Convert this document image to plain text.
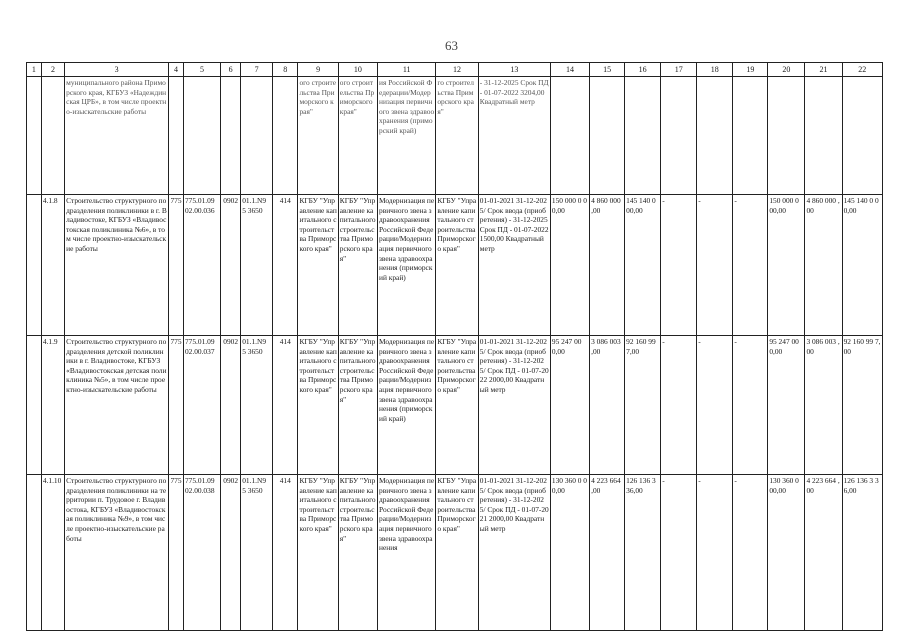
63
1	2	3	4	5	6	7	8	9	10	11	12	13	14	15	16	17	18	19	20	21	22
		муниципального района Приморского края, КГБУЗ «Надеждинская ЦРБ», в том числе проектно-изыскательские работы						ого строительства Приморского края"	ого строительства Приморского края"	ия Российской Федерации/Модернизация первичного звена здравоохранения (приморский край)	го строительства Приморского края"	- 31-12-2025 Срок ПД - 01-07-2022 3204,00 Квадратный метр									
	4.1.8	Строительство структурного подразделения поликлиники в г. Владивостоке, КГБУЗ «Владивостокская поликлиника №6», в том числе проектно-изыскательские работы	775	775.01.09 02.00.036	0902	01.1.N9 5 3650	414	КГБУ "Управление капитального строительства Приморского края"	КГБУ "Управление капитального строительства Приморского края"	Модернизация первичного звена здравоохранения Российской Федерации/Модернизация первичного звена здравоохранения (приморский край)	КГБУ "Управление капитального строительства Приморского края"	01-01-2021 31-12-2025/ Срок ввода (приобретения) - 31-12-2025 Срок ПД - 01-07-2022 1500,00 Квадратный метр	150 000 0 00,00	4 860 000 ,00	145 140 0 00,00	-	-	-	150 000 0 00,00	4 860 000 ,00	145 140 0 00,00
	4.1.9	Строительство структурного подразделения детской поликлиники в г. Владивостоке, КГБУЗ «Владивостокская детская поликлиника №5», в том числе проектно-изыскательские работы	775	775.01.09 02.00.037	0902	01.1.N9 5 3650	414	КГБУ "Управление капитального строительства Приморского края"	КГБУ "Управление капитального строительства Приморского края"	Модернизация первичного звена здравоохранения Российской Федерации/Модернизация первичного звена здравоохранения (приморский край)	КГБУ "Управление капитального строительства Приморского края"	01-01-2021 31-12-2025/ Срок ввода (приобретения) - 31-12-2025/ Срок ПД - 01-07-2022 2000,00 Квадратный метр	95 247 00 0,00	3 086 003 ,00	92 160 99 7,00	-	-	-	95 247 00 0,00	3 086 003 ,00	92 160 99 7,00
	4.1.10	Строительство структурного подразделения поликлиники на территории п. Трудовое г. Владивостока, КГБУЗ «Владивостокская поликлиника №9», в том числе проектно-изыскательские работы	775	775.01.09 02.00.038	0902	01.1.N9 5 3650	414	КГБУ "Управление капитального строительства Приморского края"	КГБУ "Управление капитального строительства Приморского края"	Модернизация первичного звена здравоохранения Российской Федерации/Модернизация первичного звена здравоохранения	КГБУ "Управление капитального строительства Приморского края"	01-01-2021 31-12-2025/ Срок ввода (приобретения) - 31-12-2025/ Срок ПД - 01-07-2021 2000,00 Квадратный метр	130 360 0 00,00	4 223 664 ,00	126 136 3 36,00	-	-	-	130 360 0 00,00	4 223 664 ,00	126 136 3 36,00
